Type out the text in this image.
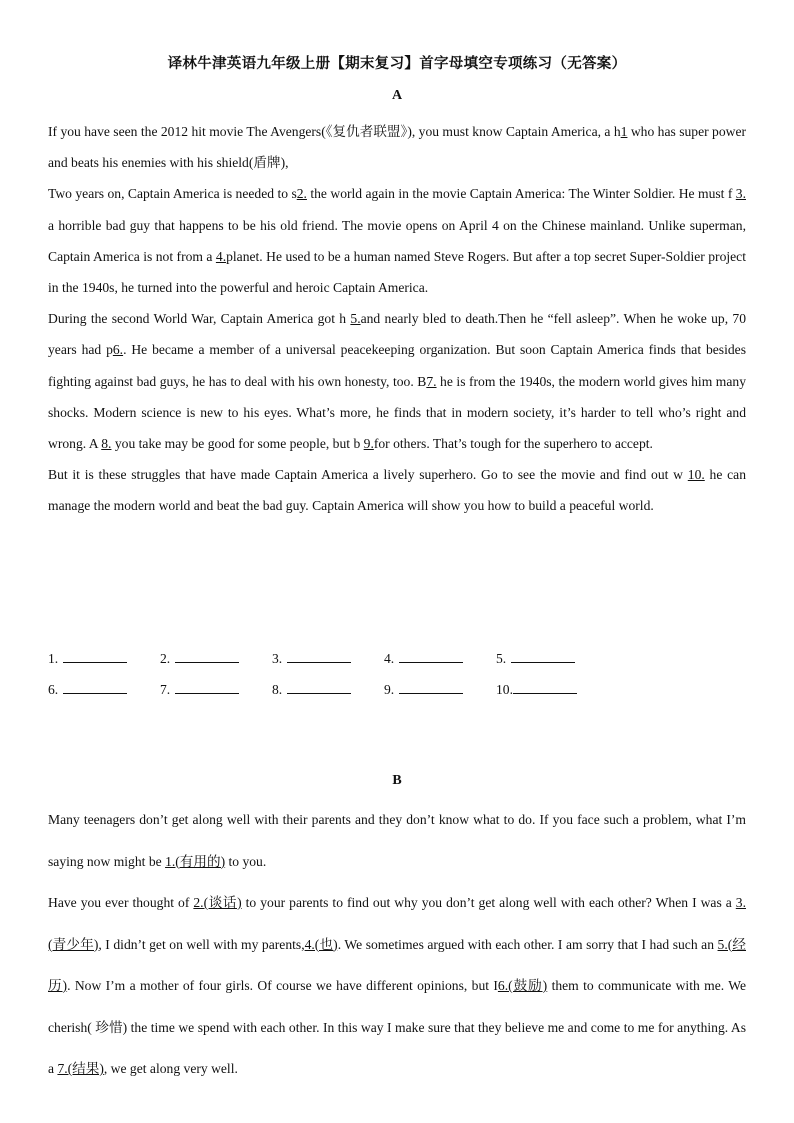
译林牛津英语九年级上册【期末复习】首字母填空专项练习（无答案）
A

If you have seen the 2012 hit movie The Avengers(《复仇者联盟》), you must know Captain America, a h1 who has super power and beats his enemies with his shield(盾牌),

Two years on, Captain America is needed to s2. the world again in the movie Captain America: The Winter Soldier. He must f 3. a horrible bad guy that happens to be his old friend. The movie opens on April 4 on the Chinese mainland. Unlike superman, Captain America is not from a 4.planet. He used to be a human named Steve Rogers. But after a top secret Super-Soldier project in the 1940s, he turned into the powerful and heroic Captain America.

During the second World War, Captain America got h 5.and nearly bled to death.Then he “fell asleep”. When he woke up, 70 years had p6.. He became a member of a universal peacekeeping organization. But soon Captain America finds that besides fighting against bad guys, he has to deal with his own honesty, too. B7. he is from the 1940s, the modern world gives him many shocks. Modern science is new to his eyes. What’s more, he finds that in modern society, it’s harder to tell who’s right and wrong. A 8. you take may be good for some people, but b 9.for others. That’s tough for the superhero to accept.

But it is these struggles that have made Captain America a lively superhero. Go to see the movie and find out w 10. he can manage the modern world and beat the bad guy. Captain America will show you how to build a peaceful world.

1.	2.	3.	4.	5.
6.	7.	8.	9.	10.
B

Many teenagers don’t get along well with their parents and they don’t know what to do. If you face such a problem, what I’m saying now might be 1.(有用的) to you.

Have you ever thought of 2.(谈话) to your parents to find out why you don’t get along well with each other? When I was a 3.(青少年), I didn’t get on well with my parents,4.(也). We sometimes argued with each other. I am sorry that I had such an 5.(经历). Now I’m a mother of four girls. Of course we have different opinions, but I6.(鼓励) them to communicate with me. We cherish( 珍惜) the time we spend with each other. In this way I make sure that they believe me and come to me for anything. As a 7.(结果), we get along very well.
